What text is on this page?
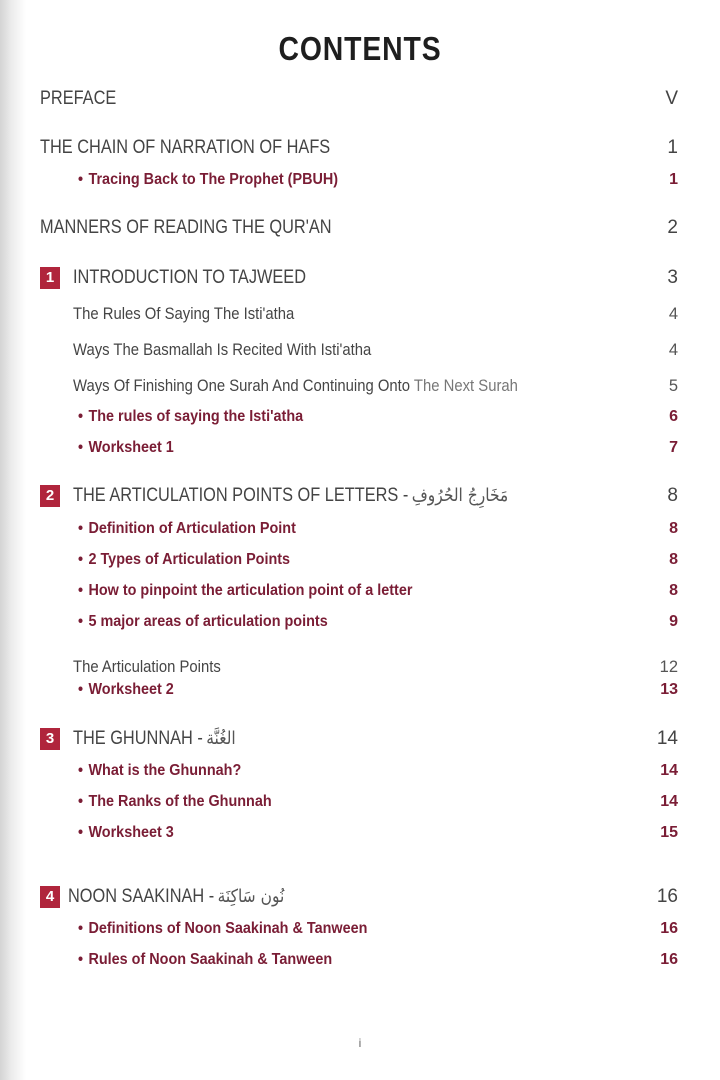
CONTENTS
PREFACE	V
THE CHAIN OF NARRATION OF HAFS	1
• Tracing Back to The Prophet (PBUH)	1
MANNERS OF READING THE QUR'AN	2
1 INTRODUCTION TO TAJWEED	3
The Rules Of Saying The Isti'atha	4
Ways The Basmallah Is Recited With Isti'atha	4
Ways Of Finishing One Surah And Continuing Onto The Next Surah	5
• The rules of saying the Isti'atha	6
• Worksheet 1	7
2 THE ARTICULATION POINTS OF LETTERS - مَخَارِجُ الحُرُوفِ	8
• Definition of Articulation Point	8
• 2 Types of Articulation Points	8
• How to pinpoint the articulation point of a letter	8
• 5 major areas of articulation points	9
The Articulation Points	12
• Worksheet 2	13
3 THE GHUNNAH - الغُنَّة	14
• What is the Ghunnah?	14
• The Ranks of the Ghunnah	14
• Worksheet 3	15
4 NOON SAAKINAH - نُون سَاكِنَة	16
• Definitions of Noon Saakinah & Tanween	16
• Rules of Noon Saakinah & Tanween	16
i
